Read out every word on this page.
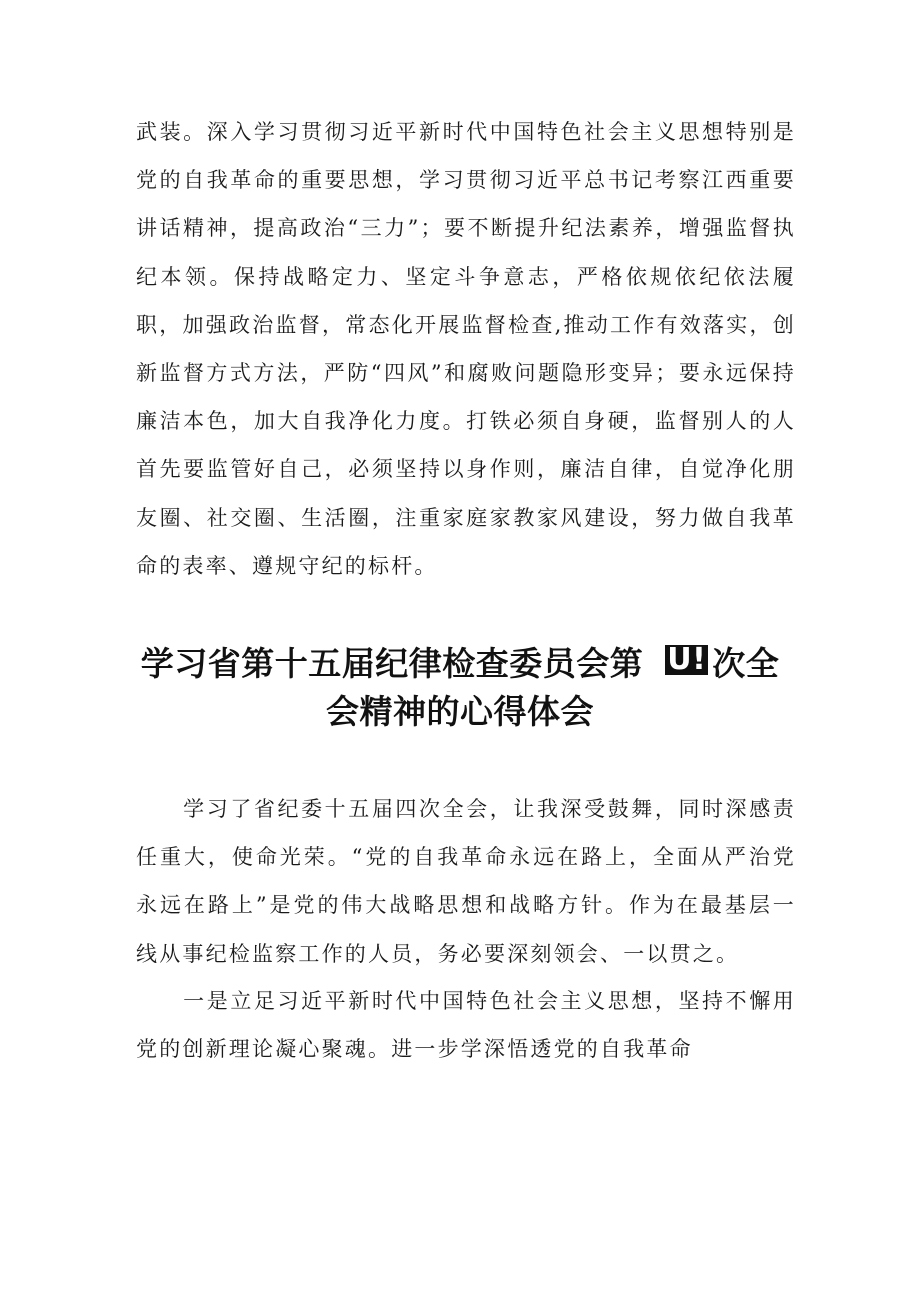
武装。深入学习贯彻习近平新时代中国特色社会主义思想特别是党的自我革命的重要思想，学习贯彻习近平总书记考察江西重要讲话精神，提高政治“三力”；要不断提升纪法素养，增强监督执纪本领。保持战略定力、坚定斗争意志，严格依规依纪依法履职，加强政治监督，常态化开展监督检查,推动工作有效落实，创新监督方式方法，严防“四风”和腐败问题隐形变异；要永远保持廉洁本色，加大自我净化力度。打铁必须自身硬，监督别人的人首先要监管好自己，必须坚持以身作则，廉洁自律，自觉净化朋友圈、社交圈、生活圈，注重家庭家教家风建设，努力做自我革命的表率、遵规守纪的标杆。

学习省第十五届纪律检查委员会第 U! 次全
会精神的心得体会

　　学习了省纪委十五届四次全会，让我深受鼓舞，同时深感责任重大，使命光荣。“党的自我革命永远在路上，全面从严治党永远在路上”是党的伟大战略思想和战略方针。作为在最基层一线从事纪检监察工作的人员，务必要深刻领会、一以贯之。

　　一是立足习近平新时代中国特色社会主义思想，坚持不懈用党的创新理论凝心聚魂。进一步学深悟透党的自我革命
